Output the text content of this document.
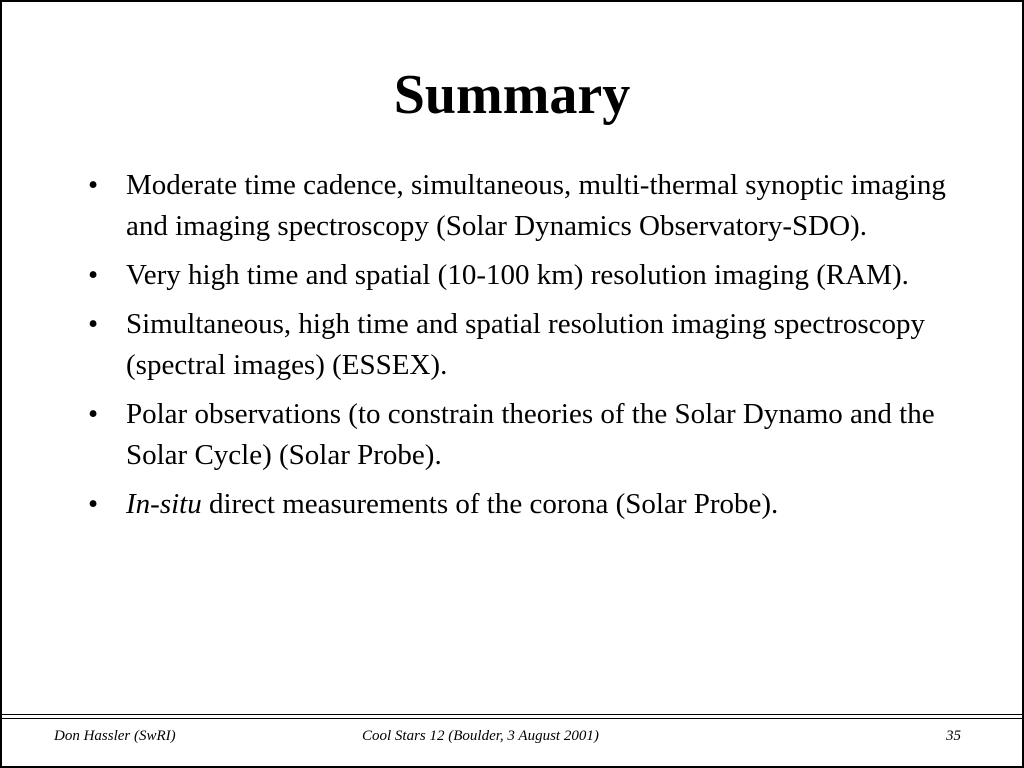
Summary
• Moderate time cadence, simultaneous, multi-thermal synoptic imaging and imaging spectroscopy (Solar Dynamics Observatory-SDO).
• Very high time and spatial (10-100 km) resolution imaging (RAM).
• Simultaneous, high time and spatial resolution imaging spectroscopy (spectral images) (ESSEX).
• Polar observations (to constrain theories of the Solar Dynamo and the Solar Cycle) (Solar Probe).
• In-situ direct measurements of the corona (Solar Probe).
Don Hassler (SwRI)	Cool Stars 12 (Boulder, 3 August 2001)	35
